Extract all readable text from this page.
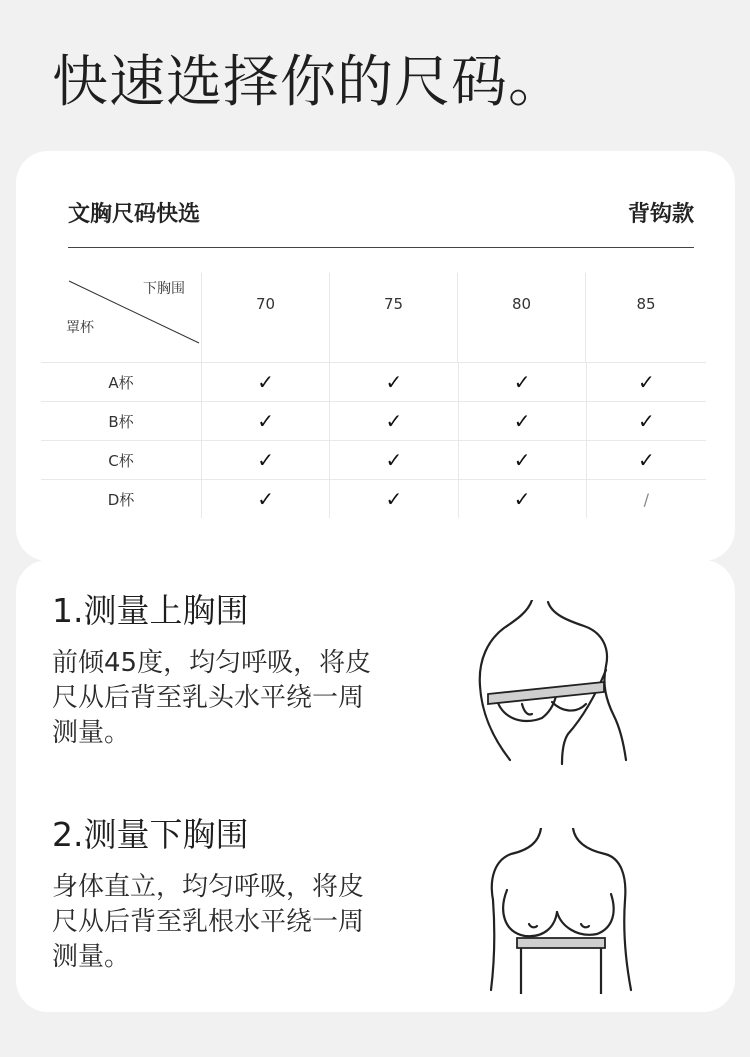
快速选择你的尺码。
文胸尺码快选	背钩款
下胸围
罩杯
70	75	80	85
A杯	✓	✓	✓	✓
B杯	✓	✓	✓	✓
C杯	✓	✓	✓	✓
D杯	✓	✓	✓	/

1.测量上胸围

前倾45度，均匀呼吸，将皮
尺从后背至乳头水平绕一周
测量。

2.测量下胸围

身体直立，均匀呼吸，将皮
尺从后背至乳根水平绕一周
测量。
